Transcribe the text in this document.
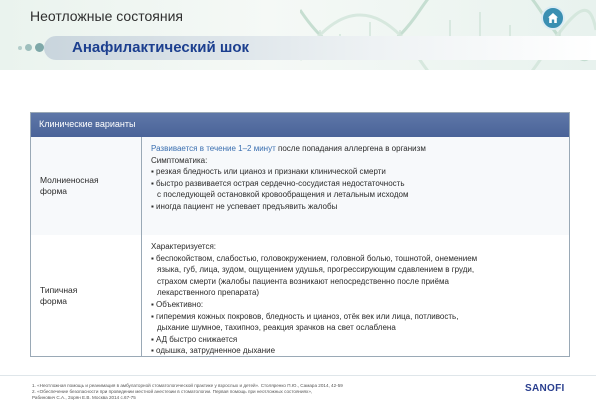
Неотложные состояния
Анафилактический шок
Клинические варианты
Молниеносная
форма
Развивается в течение 1–2 минут после попадания аллергена в организм
Симптоматика:
▪ резкая бледность или цианоз и признаки клинической смерти
▪ быстро развивается острая сердечно-сосудистая недостаточность
с последующей остановкой кровообращения и летальным исходом
▪ иногда пациент не успевает предъявить жалобы
Типичная
форма
Характеризуется:
▪ беспокойством, слабостью, головокружением, головной болью, тошнотой, онемением
языка, губ, лица, зудом, ощущением удушья, прогрессирующим сдавлением в груди,
страхом смерти (жалобы пациента возникают непосредственно после приёма
лекарственного препарата)
▪ Объективно:
▪ гиперемия кожных покровов, бледность и цианоз, отёк век или лица, потливость,
дыхание шумное, тахипноэ, реакция зрачков на свет ослаблена
▪ АД быстро снижается
▪ одышка, затрудненное дыхание
1. «Неотложная помощь и реанимация в амбулаторной стоматологической практике у взрослых и детей». Столяренко П.Ю., Самара 2014, 42-59
2. «Обеспечение безопасности при проведении местной анестезии в стоматологии. Первая помощь при неотложных состояниях»,
Рабинович С.А., Зорян Е.В. Москва 2014 с.67-75
SANOFI
